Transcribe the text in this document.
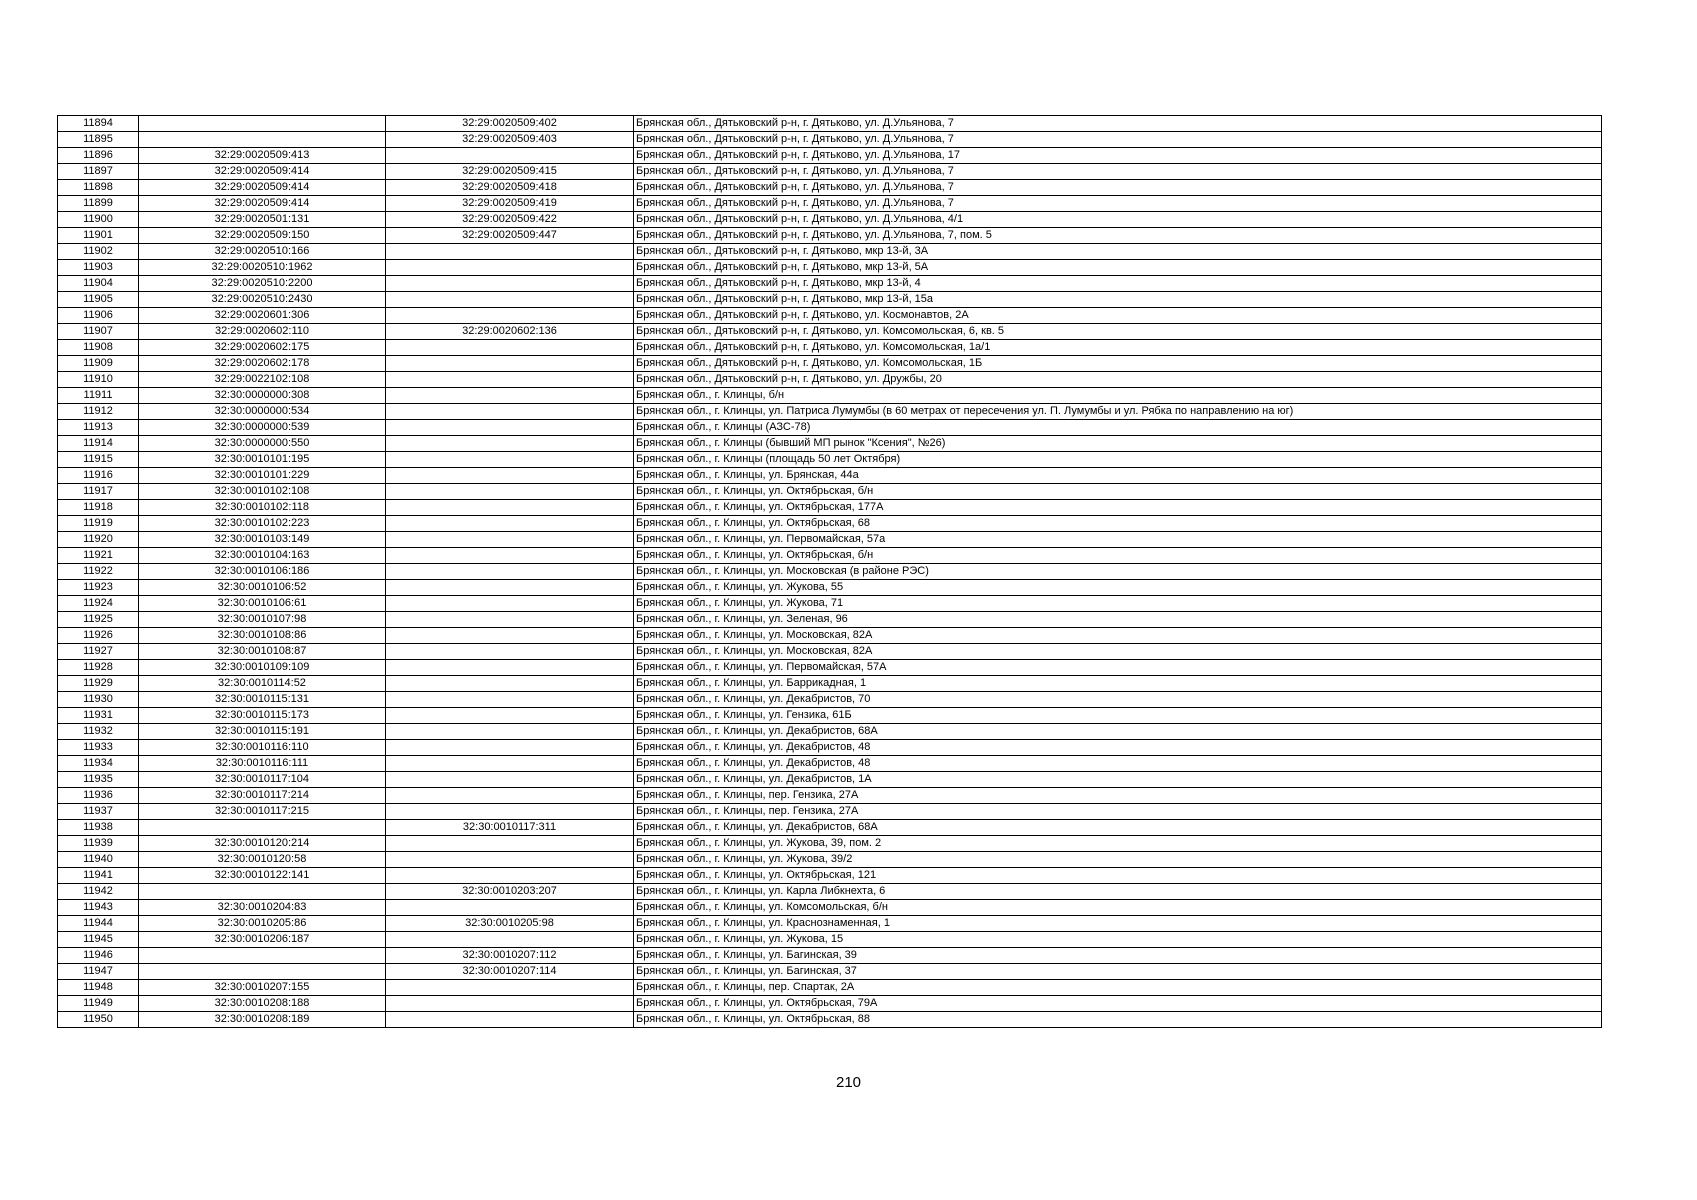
11894		32:29:0020509:402	Брянская обл., Дятьковский р-н, г. Дятьково, ул. Д.Ульянова, 7
11895		32:29:0020509:403	Брянская обл., Дятьковский р-н, г. Дятьково, ул. Д.Ульянова, 7
11896	32:29:0020509:413		Брянская обл., Дятьковский р-н, г. Дятьково, ул. Д.Ульянова, 17
11897	32:29:0020509:414	32:29:0020509:415	Брянская обл., Дятьковский р-н, г. Дятьково, ул. Д.Ульянова, 7
11898	32:29:0020509:414	32:29:0020509:418	Брянская обл., Дятьковский р-н, г. Дятьково, ул. Д.Ульянова, 7
11899	32:29:0020509:414	32:29:0020509:419	Брянская обл., Дятьковский р-н, г. Дятьково, ул. Д.Ульянова, 7
11900	32:29:0020501:131	32:29:0020509:422	Брянская обл., Дятьковский р-н, г. Дятьково, ул. Д.Ульянова, 4/1
11901	32:29:0020509:150	32:29:0020509:447	Брянская обл., Дятьковский р-н, г. Дятьково, ул. Д.Ульянова, 7, пом. 5
11902	32:29:0020510:166		Брянская обл., Дятьковский р-н, г. Дятьково, мкр 13-й, 3А
11903	32:29:0020510:1962		Брянская обл., Дятьковский р-н, г. Дятьково, мкр 13-й, 5А
11904	32:29:0020510:2200		Брянская обл., Дятьковский р-н, г. Дятьково, мкр 13-й, 4
11905	32:29:0020510:2430		Брянская обл., Дятьковский р-н, г. Дятьково, мкр 13-й, 15а
11906	32:29:0020601:306		Брянская обл., Дятьковский р-н, г. Дятьково, ул. Космонавтов, 2А
11907	32:29:0020602:110	32:29:0020602:136	Брянская обл., Дятьковский р-н, г. Дятьково, ул. Комсомольская, 6, кв. 5
11908	32:29:0020602:175		Брянская обл., Дятьковский р-н, г. Дятьково, ул. Комсомольская, 1а/1
11909	32:29:0020602:178		Брянская обл., Дятьковский р-н, г. Дятьково, ул. Комсомольская, 1Б
11910	32:29:0022102:108		Брянская обл., Дятьковский р-н, г. Дятьково, ул. Дружбы, 20
11911	32:30:0000000:308		Брянская обл., г. Клинцы, б/н
11912	32:30:0000000:534		Брянская обл., г. Клинцы, ул. Патриса Лумумбы (в 60 метрах от пересечения ул. П. Лумумбы и ул. Рябка по направлению на юг)
11913	32:30:0000000:539		Брянская обл., г. Клинцы (АЗС-78)
11914	32:30:0000000:550		Брянская обл., г. Клинцы (бывший МП рынок "Ксения", №26)
11915	32:30:0010101:195		Брянская обл., г. Клинцы (площадь 50 лет Октября)
11916	32:30:0010101:229		Брянская обл., г. Клинцы, ул. Брянская, 44а
11917	32:30:0010102:108		Брянская обл., г. Клинцы, ул. Октябрьская, б/н
11918	32:30:0010102:118		Брянская обл., г. Клинцы, ул. Октябрьская, 177А
11919	32:30:0010102:223		Брянская обл., г. Клинцы, ул. Октябрьская, 68
11920	32:30:0010103:149		Брянская обл., г. Клинцы, ул. Первомайская, 57а
11921	32:30:0010104:163		Брянская обл., г. Клинцы, ул. Октябрьская, б/н
11922	32:30:0010106:186		Брянская обл., г. Клинцы, ул. Московская (в районе РЭС)
11923	32:30:0010106:52		Брянская обл., г. Клинцы, ул. Жукова, 55
11924	32:30:0010106:61		Брянская обл., г. Клинцы, ул. Жукова, 71
11925	32:30:0010107:98		Брянская обл., г. Клинцы, ул. Зеленая, 96
11926	32:30:0010108:86		Брянская обл., г. Клинцы, ул. Московская, 82А
11927	32:30:0010108:87		Брянская обл., г. Клинцы, ул. Московская, 82А
11928	32:30:0010109:109		Брянская обл., г. Клинцы, ул. Первомайская, 57А
11929	32:30:0010114:52		Брянская обл., г. Клинцы, ул. Баррикадная, 1
11930	32:30:0010115:131		Брянская обл., г. Клинцы, ул. Декабристов, 70
11931	32:30:0010115:173		Брянская обл., г. Клинцы, ул. Гензика, 61Б
11932	32:30:0010115:191		Брянская обл., г. Клинцы, ул. Декабристов, 68А
11933	32:30:0010116:110		Брянская обл., г. Клинцы, ул. Декабристов, 48
11934	32:30:0010116:111		Брянская обл., г. Клинцы, ул. Декабристов, 48
11935	32:30:0010117:104		Брянская обл., г. Клинцы, ул. Декабристов, 1А
11936	32:30:0010117:214		Брянская обл., г. Клинцы, пер. Гензика, 27А
11937	32:30:0010117:215		Брянская обл., г. Клинцы, пер. Гензика, 27А
11938		32:30:0010117:311	Брянская обл., г. Клинцы, ул. Декабристов, 68А
11939	32:30:0010120:214		Брянская обл., г. Клинцы, ул. Жукова, 39, пом. 2
11940	32:30:0010120:58		Брянская обл., г. Клинцы, ул. Жукова, 39/2
11941	32:30:0010122:141		Брянская обл., г. Клинцы, ул. Октябрьская, 121
11942		32:30:0010203:207	Брянская обл., г. Клинцы, ул. Карла Либкнехта, 6
11943	32:30:0010204:83		Брянская обл., г. Клинцы, ул. Комсомольская, б/н
11944	32:30:0010205:86	32:30:0010205:98	Брянская обл., г. Клинцы, ул. Краснознаменная, 1
11945	32:30:0010206:187		Брянская обл., г. Клинцы, ул. Жукова, 15
11946		32:30:0010207:112	Брянская обл., г. Клинцы, ул. Багинская, 39
11947		32:30:0010207:114	Брянская обл., г. Клинцы, ул. Багинская, 37
11948	32:30:0010207:155		Брянская обл., г. Клинцы, пер. Спартак, 2А
11949	32:30:0010208:188		Брянская обл., г. Клинцы, ул. Октябрьская, 79А
11950	32:30:0010208:189		Брянская обл., г. Клинцы, ул. Октябрьская, 88
210
